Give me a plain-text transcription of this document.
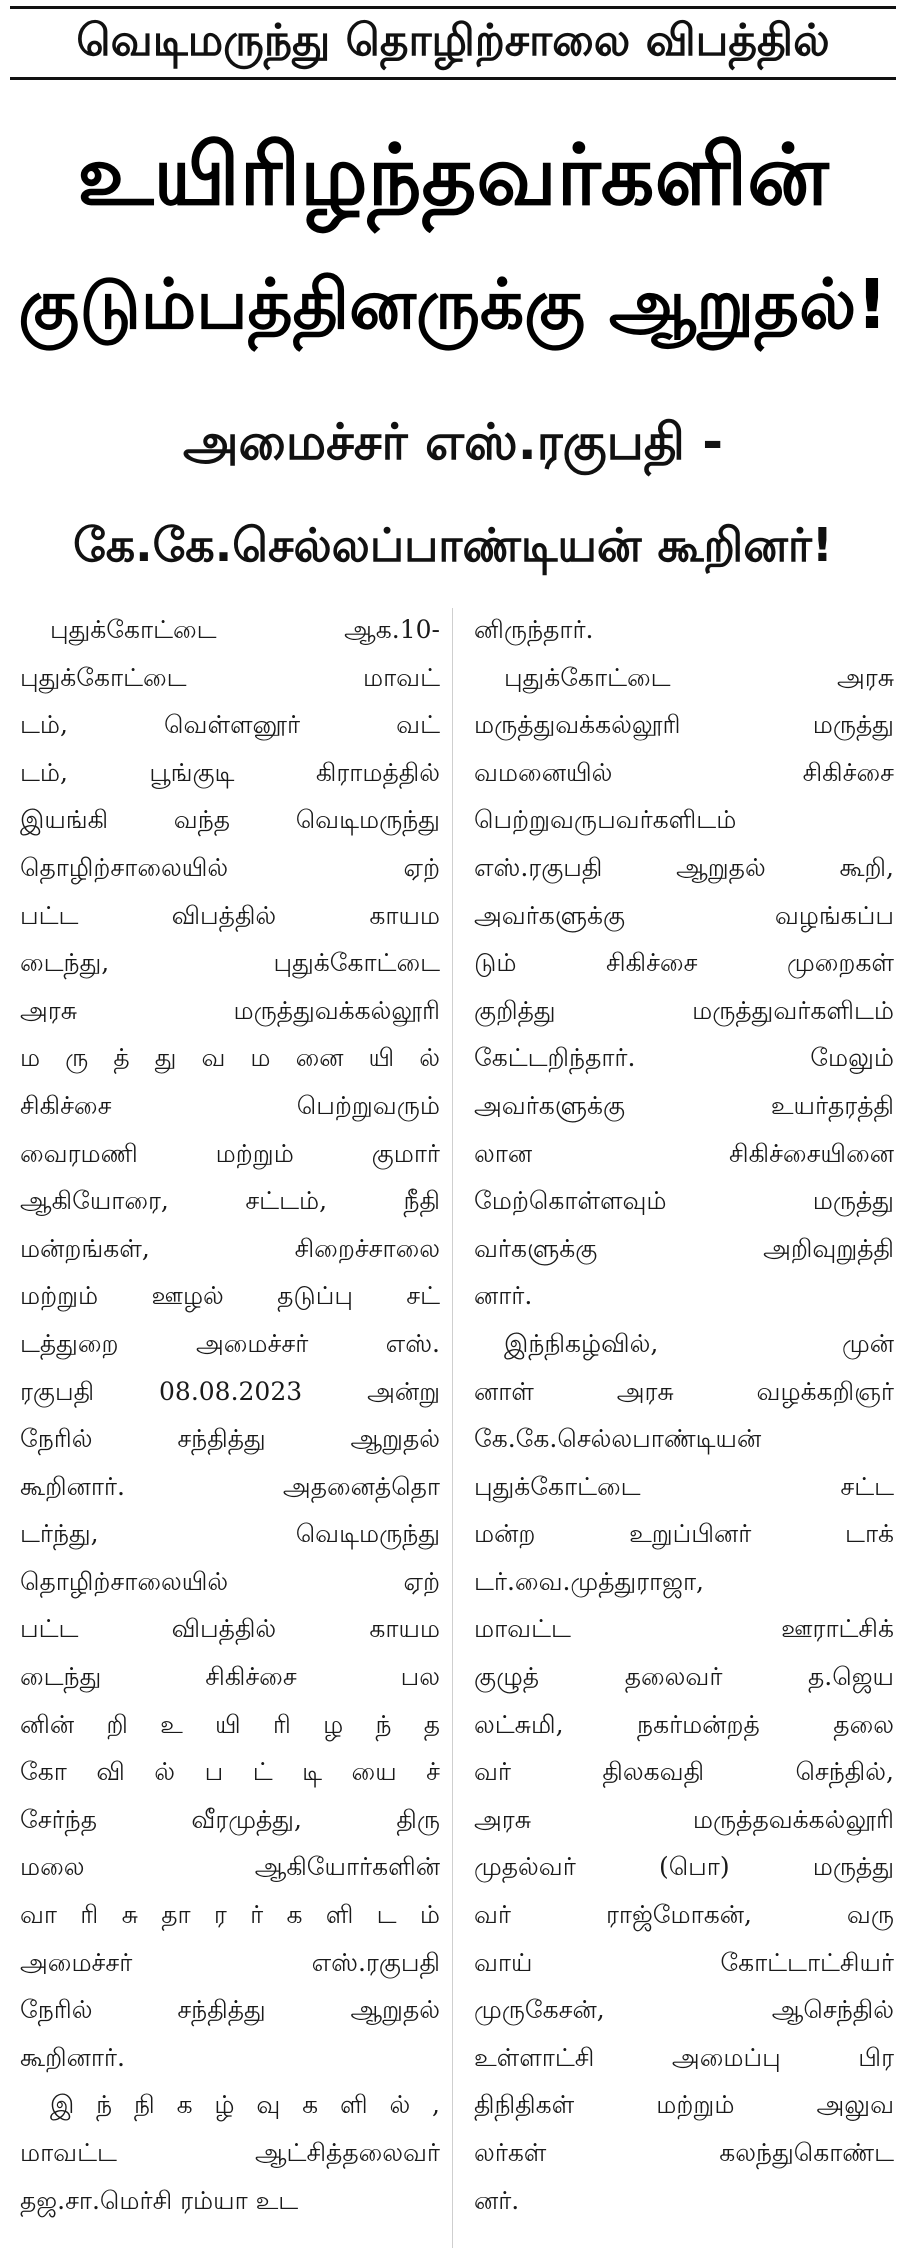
வெடிமருந்து தொழிற்சாலை விபத்தில்
உயிரிழந்தவர்களின்
குடும்பத்தினருக்கு ஆறுதல்!
அமைச்சர் எஸ்.ரகுபதி -
கே.கே.செல்லப்பாண்டியன் கூறினர்!
புதுக்கோட்டை ஆக.10-
புதுக்கோட்டை மாவட்
டம், வெள்ளனூர் வட்
டம், பூங்குடி கிராமத்தில்
இயங்கி வந்த வெடிமருந்து
தொழிற்சாலையில் ஏற்
பட்ட விபத்தில் காயம
டைந்து, புதுக்கோட்டை
அரசு மருத்துவக்கல்லூரி
ம ரு த் து வ ம னை யி ல்
சிகிச்சை பெற்றுவரும்
வைரமணி மற்றும் குமார்
ஆகியோரை, சட்டம், நீதி
மன்றங்கள், சிறைச்சாலை
மற்றும் ஊழல் தடுப்பு சட்
டத்துறை அமைச்சர் எஸ்.
ரகுபதி 08.08.2023 அன்று
நேரில் சந்தித்து ஆறுதல்
கூறினார். அதனைத்தொ
டர்ந்து, வெடிமருந்து
தொழிற்சாலையில் ஏற்
பட்ட விபத்தில் காயம
டைந்து சிகிச்சை பல
னின் றி உ யி ரி ழ ந் த
கோ வி ல் ப ட் டி யை ச்
சேர்ந்த வீரமுத்து, திரு
மலை ஆகியோர்களின்
வா ரி சு தா ர ர் க ளி ட ம்
அமைச்சர் எஸ்.ரகுபதி
நேரில் சந்தித்து ஆறுதல்
கூறினார்.
இ ந் நி க ழ் வு க ளி ல் ,
மாவட்ட ஆட்சித்தலைவர்
தஜ.சா.மெர்சி ரம்யா உட
னிருந்தார்.
புதுக்கோட்டை அரசு
மருத்துவக்கல்லூரி மருத்து
வமனையில் சிகிச்சை
பெற்றுவருபவர்களிடம்
எஸ்.ரகுபதி ஆறுதல் கூறி,
அவர்களுக்கு வழங்கப்ப
டும் சிகிச்சை முறைகள்
குறித்து மருத்துவர்களிடம்
கேட்டறிந்தார். மேலும்
அவர்களுக்கு உயர்தரத்தி
லான சிகிச்சையினை
மேற்கொள்ளவும் மருத்து
வர்களுக்கு அறிவுறுத்தி
னார்.
இந்நிகழ்வில், முன்
னாள் அரசு வழக்கறிஞர்
கே.கே.செல்லபாண்டியன்
புதுக்கோட்டை சட்ட
மன்ற உறுப்பினர் டாக்
டர்.வை.முத்துராஜா,
மாவட்ட ஊராட்சிக்
குழுத் தலைவர் த.ஜெய
லட்சுமி, நகர்மன்றத் தலை
வர் திலகவதி செந்தில்,
அரசு மருத்தவக்கல்லூரி
முதல்வர் (பொ) மருத்து
வர் ராஜ்மோகன், வரு
வாய் கோட்டாட்சியர்
முருகேசன், ஆசெந்தில்
உள்ளாட்சி அமைப்பு பிர
திநிதிகள் மற்றும் அலுவ
லர்கள் கலந்துகொண்ட
னர்.
